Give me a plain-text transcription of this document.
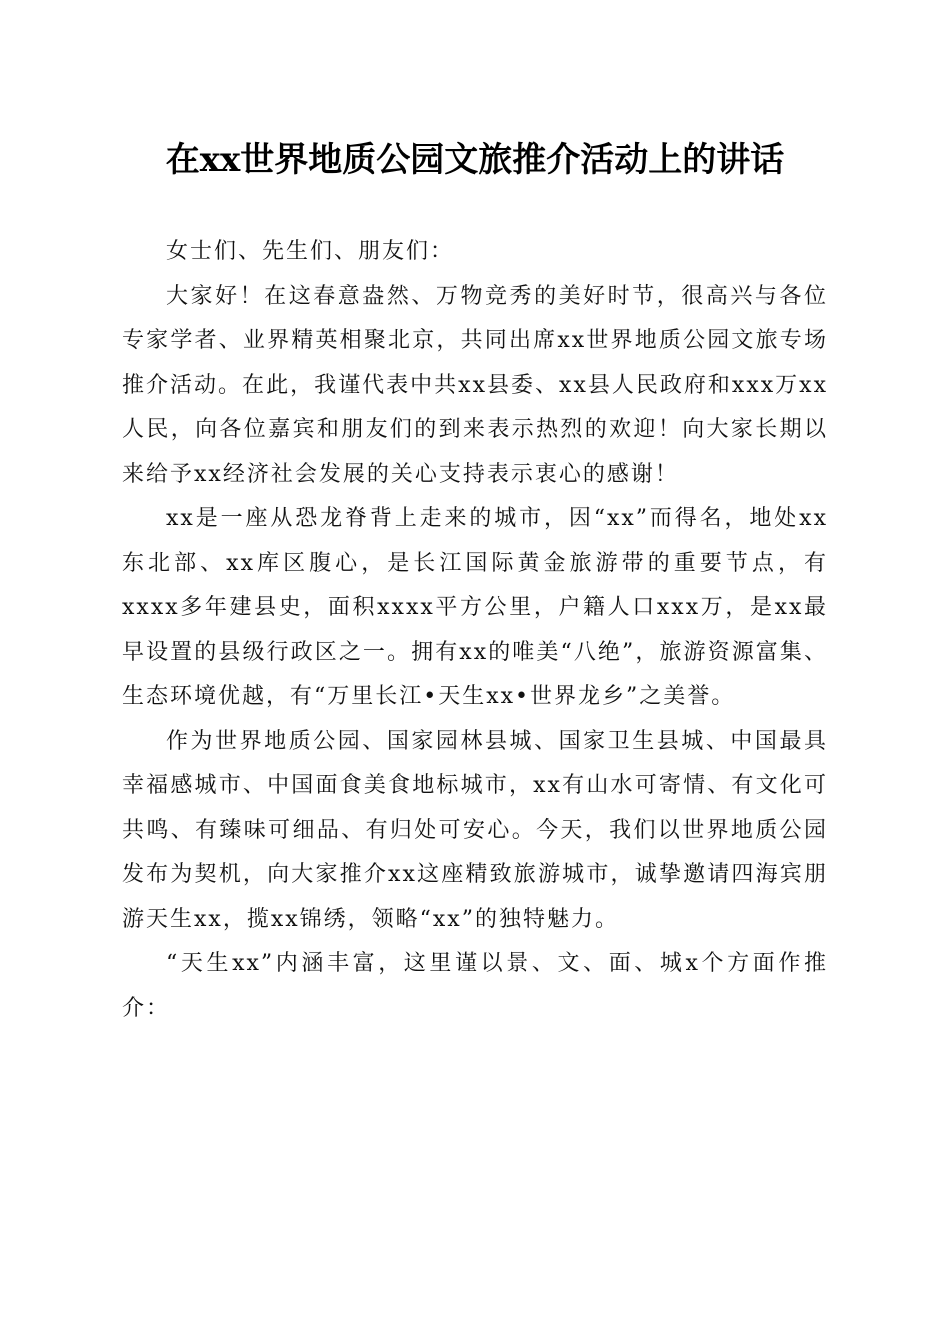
在xx世界地质公园文旅推介活动上的讲话

女士们、先生们、朋友们：

大家好！在这春意盎然、万物竞秀的美好时节，很高兴与各位专家学者、业界精英相聚北京，共同出席xx世界地质公园文旅专场推介活动。在此，我谨代表中共xx县委、xx县人民政府和xxx万xx人民，向各位嘉宾和朋友们的到来表示热烈的欢迎！向大家长期以来给予xx经济社会发展的关心支持表示衷心的感谢！

xx是一座从恐龙脊背上走来的城市，因“xx”而得名，地处xx东北部、xx库区腹心，是长江国际黄金旅游带的重要节点，有xxxx多年建县史，面积xxxx平方公里，户籍人口xxx万，是xx最早设置的县级行政区之一。拥有xx的唯美“八绝”，旅游资源富集、生态环境优越，有“万里长江•天生xx•世界龙乡”之美誉。

作为世界地质公园、国家园林县城、国家卫生县城、中国最具幸福感城市、中国面食美食地标城市，xx有山水可寄情、有文化可共鸣、有臻味可细品、有归处可安心。今天，我们以世界地质公园发布为契机，向大家推介xx这座精致旅游城市，诚挚邀请四海宾朋游天生xx，揽xx锦绣，领略“xx”的独特魅力。

“天生xx”内涵丰富，这里谨以景、文、面、城x个方面作推介：
